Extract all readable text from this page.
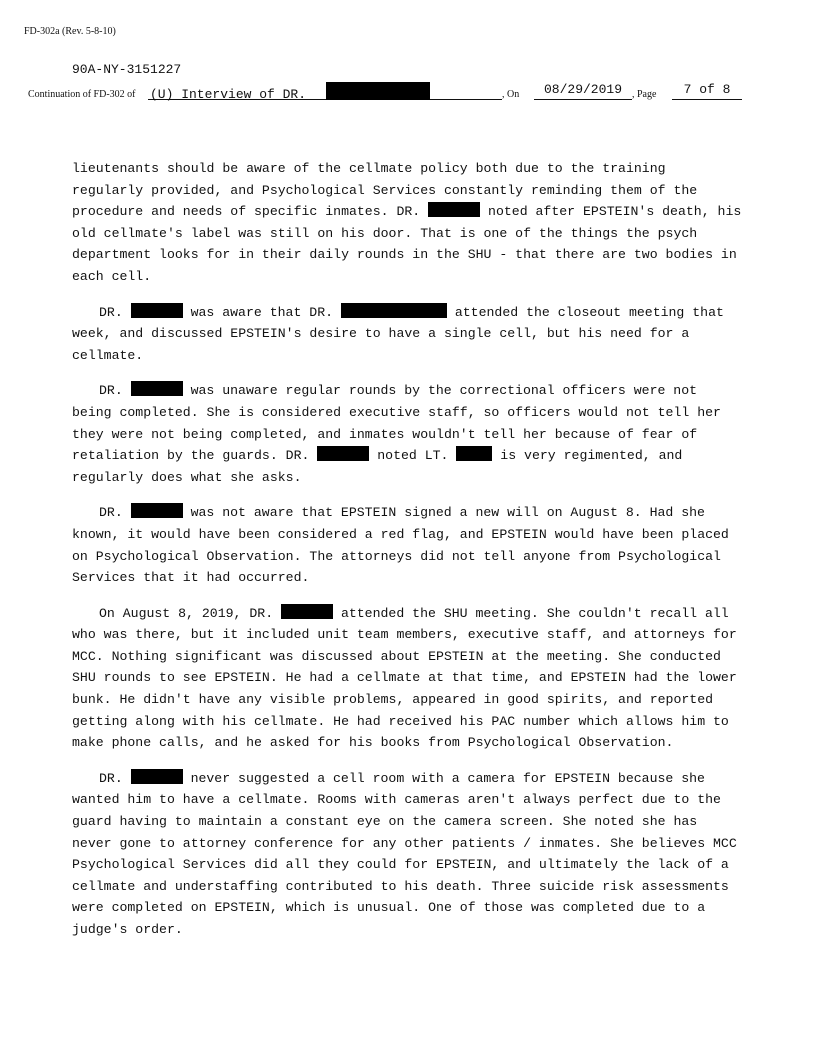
FD-302a (Rev. 5-8-10)
90A-NY-3151227
Continuation of FD-302 of (U) Interview of DR.	, On	08/29/2019	, Page	7 of 8

lieutenants should be aware of the cellmate policy both due to the training regularly provided, and Psychological Services constantly reminding them of the procedure and needs of specific inmates. DR.	noted after EPSTEIN's death, his old cellmate's label was still on his door. That is one of the things the psych department looks for in their daily rounds in the SHU - that there are two bodies in each cell.

DR.	was aware that DR.	attended the closeout meeting that week, and discussed EPSTEIN's desire to have a single cell, but his need for a cellmate.

DR.	was unaware regular rounds by the correctional officers were not being completed. She is considered executive staff, so officers would not tell her they were not being completed, and inmates wouldn't tell her because of fear of retaliation by the guards. DR.	noted LT.	is very regimented, and regularly does what she asks.

DR.	was not aware that EPSTEIN signed a new will on August 8. Had she known, it would have been considered a red flag, and EPSTEIN would have been placed on Psychological Observation. The attorneys did not tell anyone from Psychological Services that it had occurred.

On August 8, 2019, DR.	attended the SHU meeting. She couldn't recall all who was there, but it included unit team members, executive staff, and attorneys for MCC. Nothing significant was discussed about EPSTEIN at the meeting. She conducted SHU rounds to see EPSTEIN. He had a cellmate at that time, and EPSTEIN had the lower bunk. He didn't have any visible problems, appeared in good spirits, and reported getting along with his cellmate. He had received his PAC number which allows him to make phone calls, and he asked for his books from Psychological Observation.

DR.	never suggested a cell room with a camera for EPSTEIN because she wanted him to have a cellmate. Rooms with cameras aren't always perfect due to the guard having to maintain a constant eye on the camera screen. She noted she has never gone to attorney conference for any other patients / inmates. She believes MCC Psychological Services did all they could for EPSTEIN, and ultimately the lack of a cellmate and understaffing contributed to his death. Three suicide risk assessments were completed on EPSTEIN, which is unusual. One of those was completed due to a judge's order.
